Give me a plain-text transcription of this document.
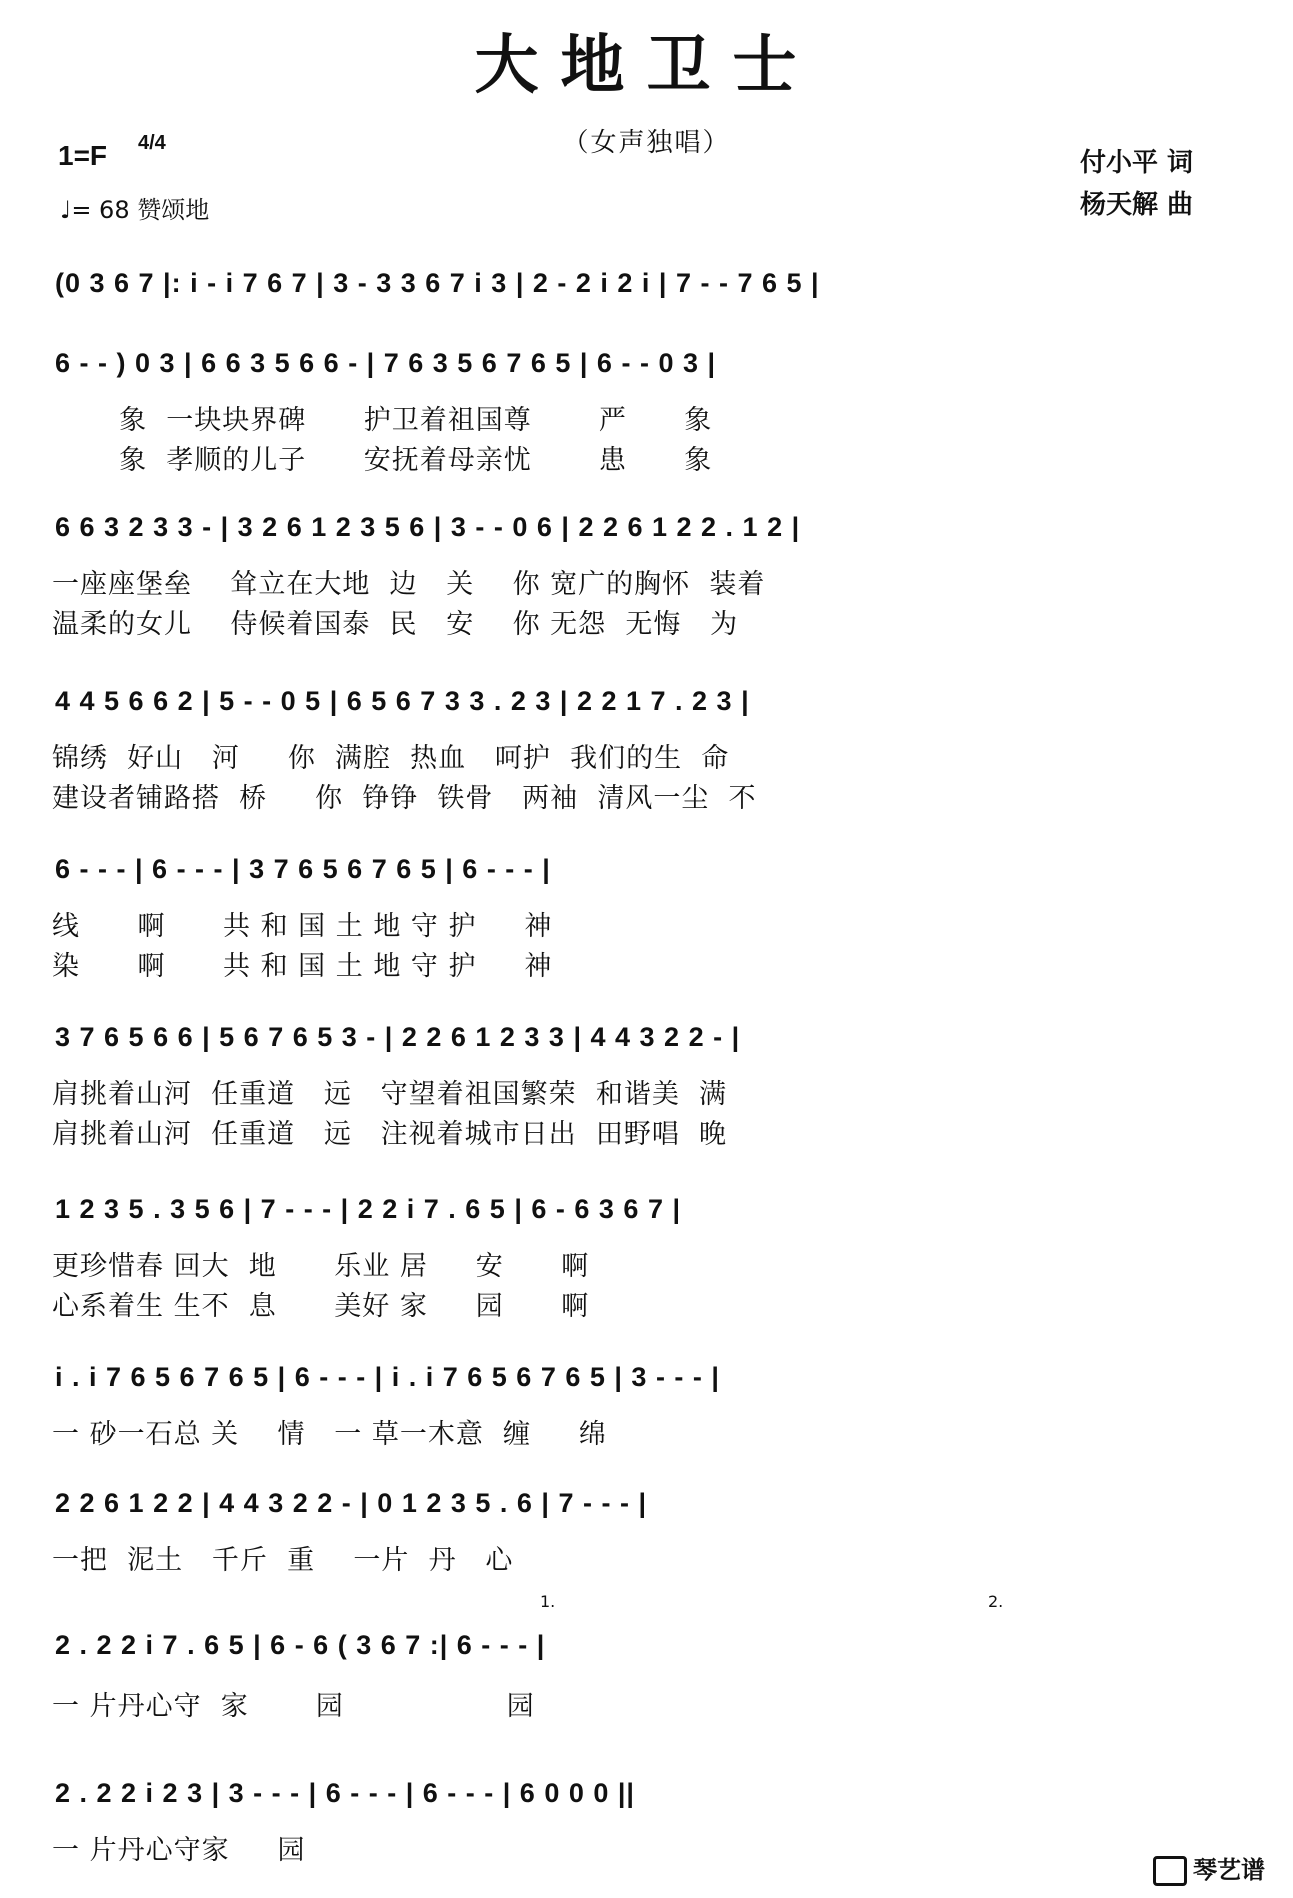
大地卫士
（女声独唱）
1=F 4/4
♩= 68 赞颂地
付小平 词
杨天解 曲
(0 3 6 7 |: i - i 7 6 7 | 3 - 3 3 6 7 i 3 | 2 - 2 i 2 i | 7 - - 7 6 5 |
6 - - ) 0 3 | 6 6 3 5 6 6 - | 7 6 3 5 6 7 6 5 | 6 - - 0 3 |
象  一块块界碑      护卫着祖国尊       严      象
象  孝顺的儿子      安抚着母亲忧       患      象
6 6 3 2 3 3 - | 3 2 6 1 2 3 5 6 | 3 - - 0 6 | 2 2 6 1 2 2 . 1 2 |
一座座堡垒    耸立在大地  边   关    你 宽广的胸怀  装着
温柔的女儿    侍候着国泰  民   安    你 无怨  无悔   为
4 4 5 6 6 2 | 5 - - 0 5 | 6 5 6 7 3 3 . 2 3 | 2 2 1 7 . 2 3 |
锦绣  好山   河     你  满腔  热血   呵护  我们的生  命
建设者铺路搭  桥     你  铮铮  铁骨   两袖  清风一尘  不
6 - - - | 6 - - - | 3 7 6 5 6 7 6 5 | 6 - - - |
线      啊      共 和 国 土 地 守 护     神
染      啊      共 和 国 土 地 守 护     神
3 7 6 5 6 6 | 5 6 7 6 5 3 - | 2 2 6 1 2 3 3 | 4 4 3 2 2 - |
肩挑着山河  任重道   远   守望着祖国繁荣  和谐美  满
肩挑着山河  任重道   远   注视着城市日出  田野唱  晚
1 2 3 5 . 3 5 6 | 7 - - - | 2 2 i 7 . 6 5 | 6 - 6 3 6 7 |
更珍惜春 回大  地      乐业 居     安      啊
心系着生 生不  息      美好 家     园      啊
i . i 7 6 5 6 7 6 5 | 6 - - - | i . i 7 6 5 6 7 6 5 | 3 - - - |
一 砂一石总 关    情   一 草一木意  缠     绵
2 2 6 1 2 2 | 4 4 3 2 2 - | 0 1 2 3 5 . 6 | 7 - - - |
一把  泥土   千斤  重    一片  丹   心
1.	2.
2 . 2 2 i 7 . 6 5 | 6 - 6 ( 3 6 7 :| 6 - - - |
一 片丹心守  家       园                 园
2 . 2 2 i 2 3 | 3 - - - | 6 - - - | 6 - - - | 6 0 0 0 ||
一 片丹心守家     园
琴艺谱
